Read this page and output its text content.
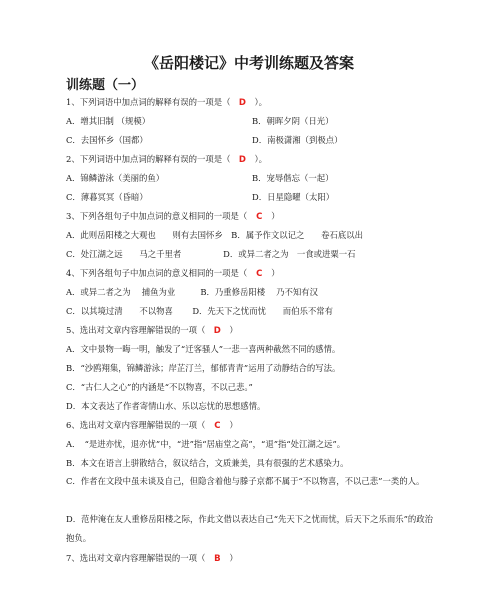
《岳阳楼记》中考训练题及答案
训练题（一）
1、下列词语中加点词的解释有误的一项是（ D ）。
A．增其旧制 （规模）	B．朝晖夕阴（日光）
C．去国怀乡（国都）	D．南极潇湘（到极点）
2、下列词语中加点词的解释有误的一项是（ D ）。
A．锦鳞游泳（美丽的鱼）	B．宠辱偕忘（一起）
C．薄暮冥冥（昏暗）	D．日星隐曜（太阳）
3、下列各组句子中加点词的意义相同的一项是（ C ）
A．此则岳阳楼之大观也　　则有去国怀乡　B．属予作文以记之　　卷石底以出
C．处江湖之远　　马之千里者　　　　　D．或异二者之为　一食或进粟一石
4、下列各组句子中加点词的意义相同的一项是（ C ）
A．或异二者之为　 捕鱼为业　　　B．乃重修岳阳楼　 乃不知有汉
C．以其境过清　　不以物喜　　 D．先天下之忧而忧　　而伯乐不常有
5、选出对文章内容理解错误的一项（ D ）
A．文中景物一晦一明，触发了“迁客骚人”一悲一喜两种截然不同的感情。
B．“沙鸥翔集，锦鳞游泳；岸芷汀兰，郁郁青青”运用了动静结合的写法。
C．“古仁人之心”的内涵是“不以物喜，不以己悲。”
D．本文表达了作者寄情山水、乐以忘忧的思想感情。
6、选出对文章内容理解错误的一项（ C ）
A．　“是进亦忧，退亦忧”中，“进”指“居庙堂之高”，“退”指“处江湖之远”。
B．本文在语言上骈散结合，叙议结合，文质兼美，具有很强的艺术感染力。
C．作者在文段中虽未谈及自己，但隐含着他与滕子京都不属于“不以物喜，不以己悲”一类的人。
D．范仲淹在友人重修岳阳楼之际，作此文借以表达自己“先天下之忧而忧，后天下之乐而乐”的政治抱负。
7、选出对文章内容理解错误的一项（ B ）
